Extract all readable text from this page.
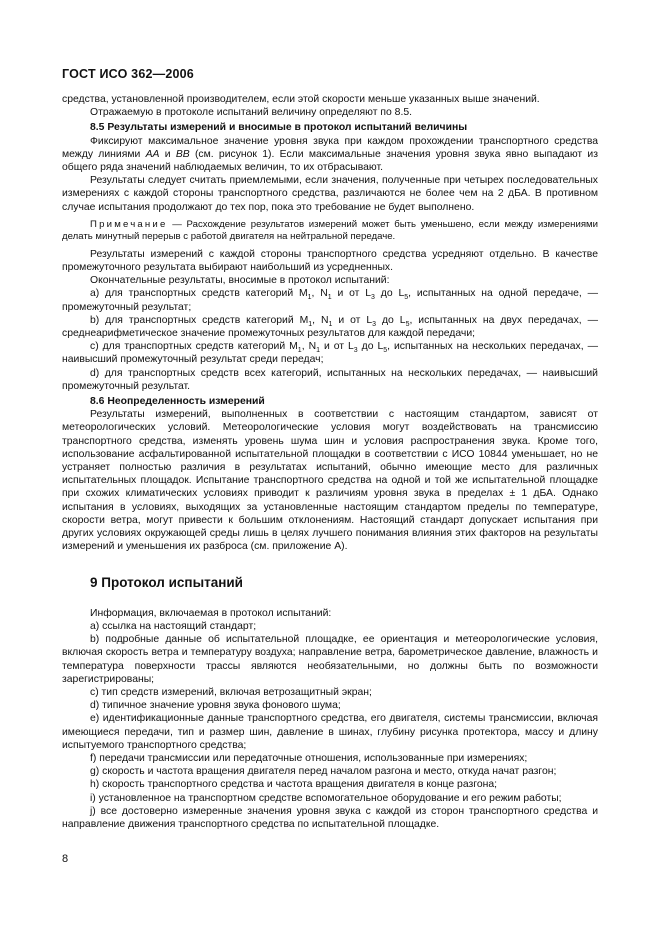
ГОСТ ИСО 362—2006

средства, установленной производителем, если этой скорости меньше указанных выше значений.

Отражаемую в протоколе испытаний величину определяют по 8.5.

8.5 Результаты измерений и вносимые в протокол испытаний величины

Фиксируют максимальное значение уровня звука при каждом прохождении транспортного средства между линиями АА и ВВ (см. рисунок 1). Если максимальные значения уровня звука явно выпадают из общего ряда значений наблюдаемых величин, то их отбрасывают.

Результаты следует считать приемлемыми, если значения, полученные при четырех последовательных измерениях с каждой стороны транспортного средства, различаются не более чем на 2 дБА. В противном случае испытания продолжают до тех пор, пока это требование не будет выполнено.

Примечание — Расхождение результатов измерений может быть уменьшено, если между измерениями делать минутный перерыв с работой двигателя на нейтральной передаче.

Результаты измерений с каждой стороны транспортного средства усредняют отдельно. В качестве промежуточного результата выбирают наибольший из усредненных.

Окончательные результаты, вносимые в протокол испытаний:

а) для транспортных средств категорий $М_1$, $N_1$ и от $L_3$ до $L_5$, испытанных на одной передаче, — промежуточный результат;

b) для транспортных средств категорий $М_1$, $N_1$ и от $L_3$ до $L_5$, испытанных на двух передачах, — среднеарифметическое значение промежуточных результатов для каждой передачи;

с) для транспортных средств категорий $М_1$, $N_1$ и от $L_3$ до $L_5$, испытанных на нескольких передачах, — наивысший промежуточный результат среди передач;

d) для транспортных средств всех категорий, испытанных на нескольких передачах, — наивысший промежуточный результат.

8.6 Неопределенность измерений

Результаты измерений, выполненных в соответствии с настоящим стандартом, зависят от метеорологических условий. Метеорологические условия могут воздействовать на трансмиссию транспортного средства, изменять уровень шума шин и условия распространения звука. Кроме того, использование асфальтированной испытательной площадки в соответствии с ИСО 10844 уменьшает, но не устраняет полностью различия в результатах испытаний, обычно имеющие место для различных испытательных площадок. Испытание транспортного средства на одной и той же испытательной площадке при схожих климатических условиях приводит к различиям уровня звука в пределах ± 1 дБА. Однако испытания в условиях, выходящих за установленные настоящим стандартом пределы по температуре, скорости ветра, могут привести к большим отклонениям. Настоящий стандарт допускает испытания при других условиях окружающей среды лишь в целях лучшего понимания влияния этих факторов на результаты измерений и уменьшения их разброса (см. приложение А).

9 Протокол испытаний

Информация, включаемая в протокол испытаний:

а) ссылка на настоящий стандарт;

b) подробные данные об испытательной площадке, ее ориентация и метеорологические условия, включая скорость ветра и температуру воздуха; направление ветра, барометрическое давление, влажность и температура поверхности трассы являются необязательными, но должны быть по возможности зарегистрированы;

с) тип средств измерений, включая ветрозащитный экран;

d) типичное значение уровня звука фонового шума;

е) идентификационные данные транспортного средства, его двигателя, системы трансмиссии, включая имеющиеся передачи, тип и размер шин, давление в шинах, глубину рисунка протектора, массу и длину испытуемого транспортного средства;

f) передачи трансмиссии или передаточные отношения, использованные при измерениях;

g) скорость и частота вращения двигателя перед началом разгона и место, откуда начат разгон;

h) скорость транспортного средства и частота вращения двигателя в конце разгона;

i) установленное на транспортном средстве вспомогательное оборудование и его режим работы;

j) все достоверно измеренные значения уровня звука с каждой из сторон транспортного средства и направление движения транспортного средства по испытательной площадке.

8
